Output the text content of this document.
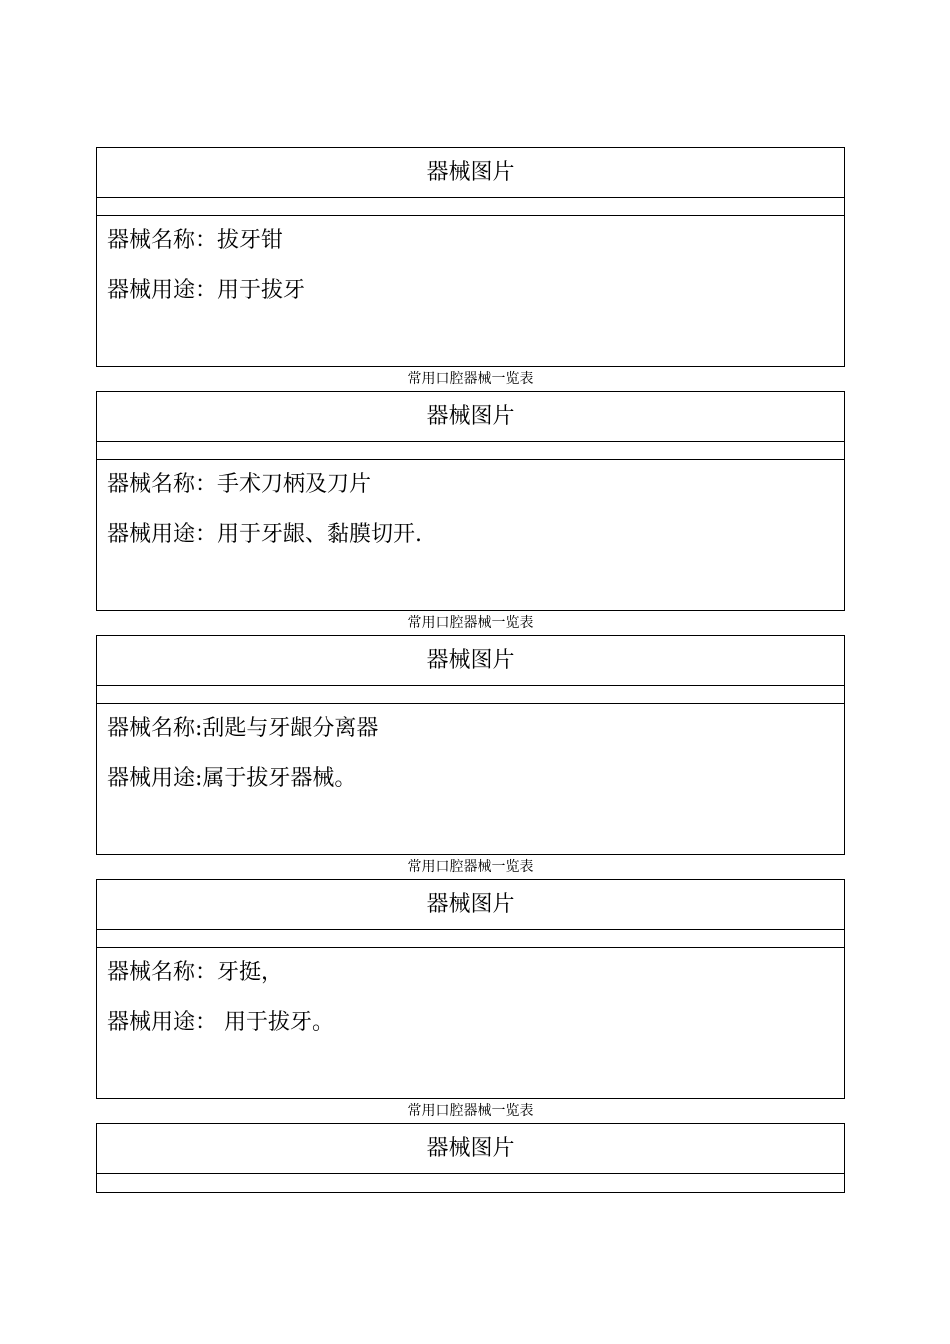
器械图片
器械名称：拔牙钳
器械用途：用于拔牙
常用口腔器械一览表
器械图片
器械名称：手术刀柄及刀片
器械用途：用于牙龈、黏膜切开.
常用口腔器械一览表
器械图片
器械名称:刮匙与牙龈分离器
器械用途:属于拔牙器械。
常用口腔器械一览表
器械图片
器械名称：牙挺，
器械用途： 用于拔牙。
常用口腔器械一览表
器械图片
